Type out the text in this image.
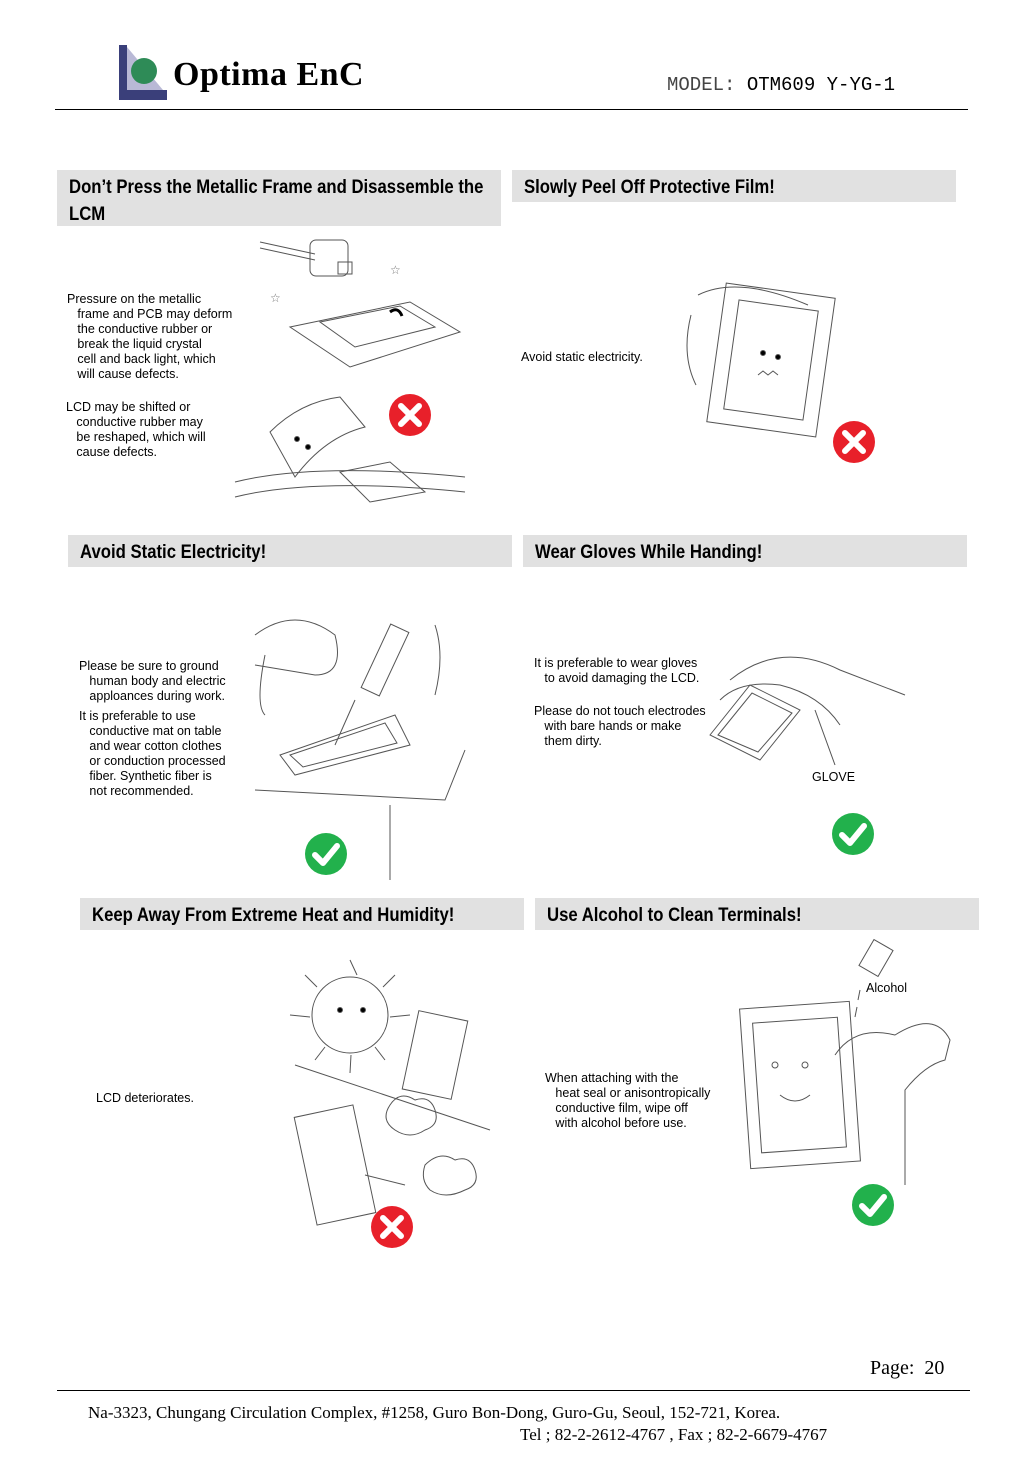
Optima EnC	MODEL: OTM609 Y-YG-1
Don’t Press the Metallic Frame and Disassemble the LCM
Pressure on the metallic
frame and PCB may deform
the conductive rubber or
break the liquid crystal
cell and back light, which
will cause defects.
LCD may be shifted or
conductive rubber may
be reshaped, which will
cause defects.
☆
☆
Slowly Peel Off Protective Film!
Avoid static electricity.
Avoid Static Electricity!
Please be sure to ground
human body and electric
apploances during work.
It is preferable to use
conductive mat on table
and wear cotton clothes
or conduction processed
fiber. Synthetic fiber is
not recommended.
Wear Gloves While Handing!
It is preferable to wear gloves
to avoid damaging the LCD.
Please do not touch electrodes
with bare hands or make
them dirty.
GLOVE
Keep Away From Extreme Heat and Humidity!
LCD deteriorates.
Use Alcohol to Clean Terminals!
Alcohol
When attaching with the
heat seal or anisontropically
conductive film, wipe off
with alcohol before use.
Page:  20
Na-3323, Chungang Circulation Complex, #1258, Guro Bon-Dong, Guro-Gu, Seoul, 152-721, Korea.
Tel ; 82-2-2612-4767 , Fax ; 82-2-6679-4767
